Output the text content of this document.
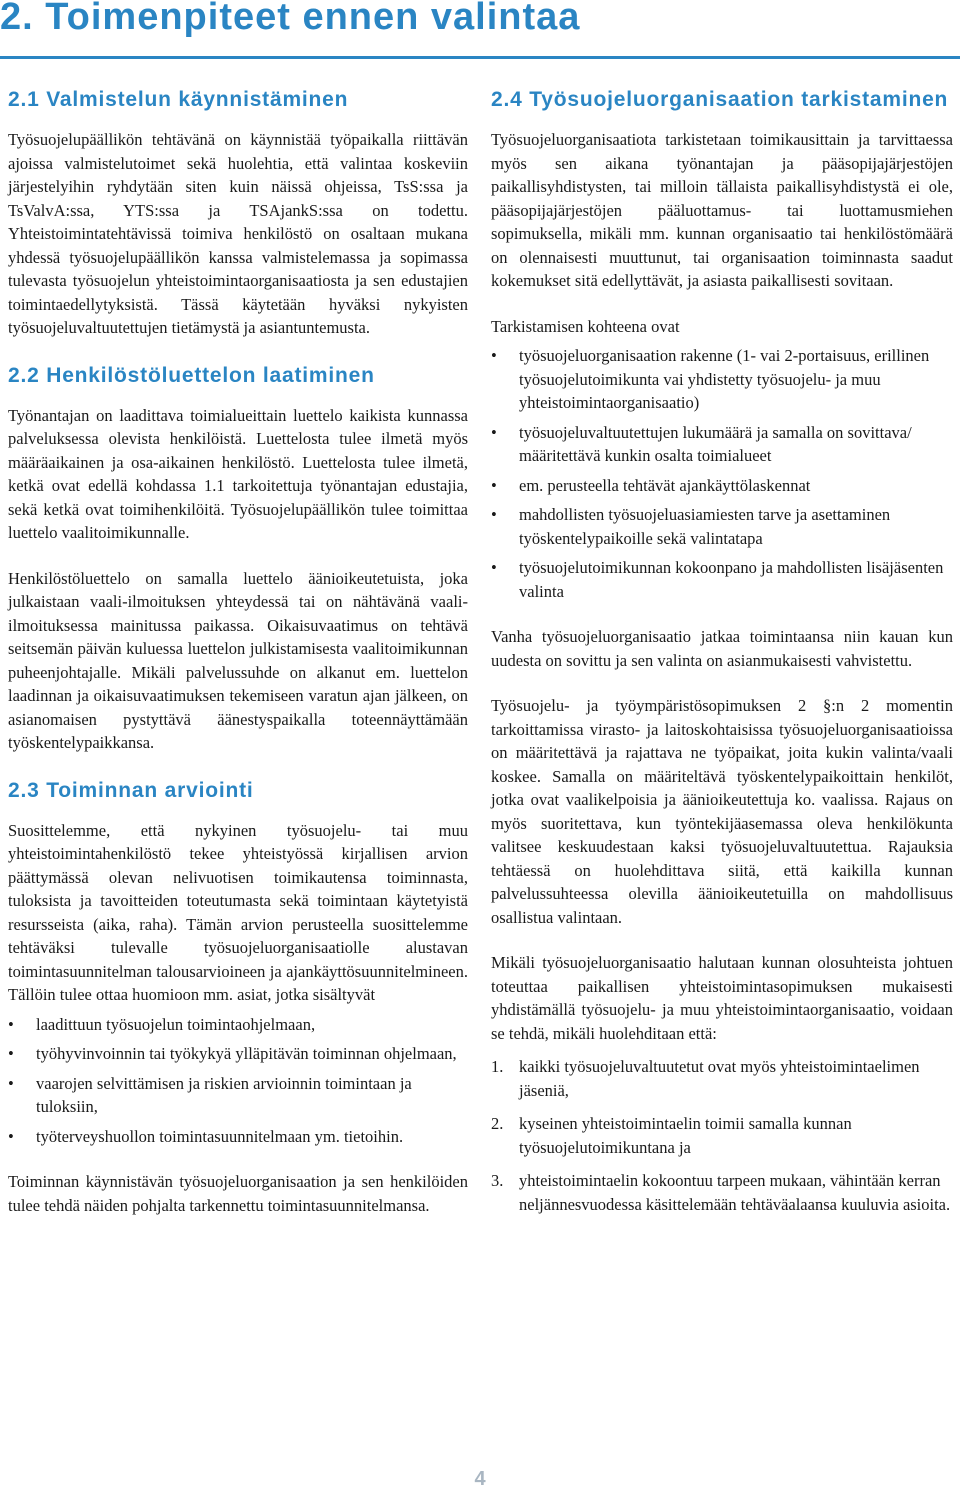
2. Toimenpiteet ennen valintaa
2.1 Valmistelun käynnistäminen

Työsuojelupäällikön tehtävänä on käynnistää työpaikalla riittävän ajoissa valmistelutoimet sekä huolehtia, että valintaa koskeviin järjestelyihin ryhdytään siten kuin näissä ohjeissa, TsS:ssa ja TsValvA:ssa, YTS:ssa ja TSAjankS:ssa on todettu. Yhteistoimintatehtävissä toimiva henkilöstö on osaltaan mukana yhdessä työsuojelupäällikön kanssa valmistelemassa ja sopimassa tulevasta työsuojelun yhteistoimintaorganisaatiosta ja sen edustajien toimintaedellytyksistä. Tässä käytetään hyväksi nykyisten työsuojeluvaltuutettujen tietämystä ja asiantuntemusta.

2.2 Henkilöstöluettelon laatiminen

Työnantajan on laadittava toimialueittain luettelo kaikista kunnassa palveluksessa olevista henkilöistä. Luettelosta tulee ilmetä myös määräaikainen ja osa-aikainen henkilöstö. Luettelosta tulee ilmetä, ketkä ovat edellä kohdassa 1.1 tarkoitettuja työnantajan edustajia, sekä ketkä ovat toimihenkilöitä. Työsuojelupäällikön tulee toimittaa luettelo vaalitoimikunnalle.

Henkilöstöluettelo on samalla luettelo äänioikeutetuista, joka julkaistaan vaali-ilmoituksen yhteydessä tai on nähtävänä vaali-ilmoituksessa mainitussa paikassa. Oikaisuvaatimus on tehtävä seitsemän päivän kuluessa luettelon julkistamisesta vaalitoimikunnan puheenjohtajalle. Mikäli palvelussuhde on alkanut em. luettelon laadinnan ja oikaisuvaatimuksen tekemiseen varatun ajan jälkeen, on asianomaisen pystyttävä äänestyspaikalla toteennäyttämään työskentelypaikkansa.

2.3 Toiminnan arviointi

Suosittelemme, että nykyinen työsuojelu- tai muu yhteistoimintahenkilöstö tekee yhteistyössä kirjallisen arvion päättymässä olevan nelivuotisen toimikautensa toiminnasta, tuloksista ja tavoitteiden toteutumasta sekä toimintaan käytetyistä resursseista (aika, raha). Tämän arvion perusteella suosittelemme tehtäväksi tulevalle työsuojeluorganisaatiolle alustavan toimintasuunnitelman talousarvioineen ja ajankäyttösuunnitelmineen. Tällöin tulee ottaa huomioon mm. asiat, jotka sisältyvät

• laadittuun työsuojelun toimintaohjelmaan,
• työhyvinvoinnin tai työkykyä ylläpitävän toiminnan ohjelmaan,
• vaarojen selvittämisen ja riskien arvioinnin toimintaan ja tuloksiin,
• työterveyshuollon toimintasuunnitelmaan ym. tietoihin.

Toiminnan käynnistävän työsuojeluorganisaation ja sen henkilöiden tulee tehdä näiden pohjalta tarkennettu toimintasuunnitelmansa.

2.4 Työsuojeluorganisaation tarkistaminen

Työsuojeluorganisaatiota tarkistetaan toimikausittain ja tarvittaessa myös sen aikana työnantajan ja pääsopijajärjestöjen paikallisyhdistysten, tai milloin tällaista paikallisyhdistystä ei ole, pääsopijajärjestöjen pääluottamus- tai luottamusmiehen sopimuksella, mikäli mm. kunnan organisaatio tai henkilöstömäärä on olennaisesti muuttunut, tai organisaation toiminnasta saadut kokemukset sitä edellyttävät, ja asiasta paikallisesti sovitaan.

Tarkistamisen kohteena ovat

• työsuojeluorganisaation rakenne (1- vai 2-portaisuus, erillinen työsuojelutoimikunta vai yhdistetty työsuojelu- ja muu yhteistoimintaorganisaatio)
• työsuojeluvaltuutettujen lukumäärä ja samalla on sovittava/ määritettävä kunkin osalta toimialueet
• em. perusteella tehtävät ajankäyttölaskennat
• mahdollisten työsuojeluasiamiesten tarve ja asettaminen työskentelypaikoille sekä valintatapa
• työsuojelutoimikunnan kokoonpano ja mahdollisten lisäjäsenten valinta

Vanha työsuojeluorganisaatio jatkaa toimintaansa niin kauan kun uudesta on sovittu ja sen valinta on asianmukaisesti vahvistettu.

Työsuojelu- ja työympäristösopimuksen 2 §:n 2 momentin tarkoittamissa virasto- ja laitoskohtaisissa työsuojeluorganisaatioissa on määritettävä ja rajattava ne työpaikat, joita kukin valinta/vaali koskee. Samalla on määriteltävä työskentelypaikoittain henkilöt, jotka ovat vaalikelpoisia ja äänioikeutettuja ko. vaalissa. Rajaus on myös suoritettava, kun työntekijäasemassa oleva henkilökunta valitsee keskuudestaan kaksi työsuojeluvaltuutettua. Rajauksia tehtäessä on huolehdittava siitä, että kaikilla kunnan palvelussuhteessa olevilla äänioikeutetuilla on mahdollisuus osallistua valintaan.

Mikäli työsuojeluorganisaatio halutaan kunnan olosuhteista johtuen toteuttaa paikallisen yhteistoimintasopimuksen mukaisesti yhdistämällä työsuojelu- ja muu yhteistoimintaorganisaatio, voidaan se tehdä, mikäli huolehditaan että:

1. kaikki työsuojeluvaltuutetut ovat myös yhteistoimintaelimen jäseniä,
2. kyseinen yhteistoimintaelin toimii samalla kunnan työsuojelutoimikuntana ja
3. yhteistoimintaelin kokoontuu tarpeen mukaan, vähintään kerran neljännesvuodessa käsittelemään tehtäväalaansa kuuluvia asioita.
4
